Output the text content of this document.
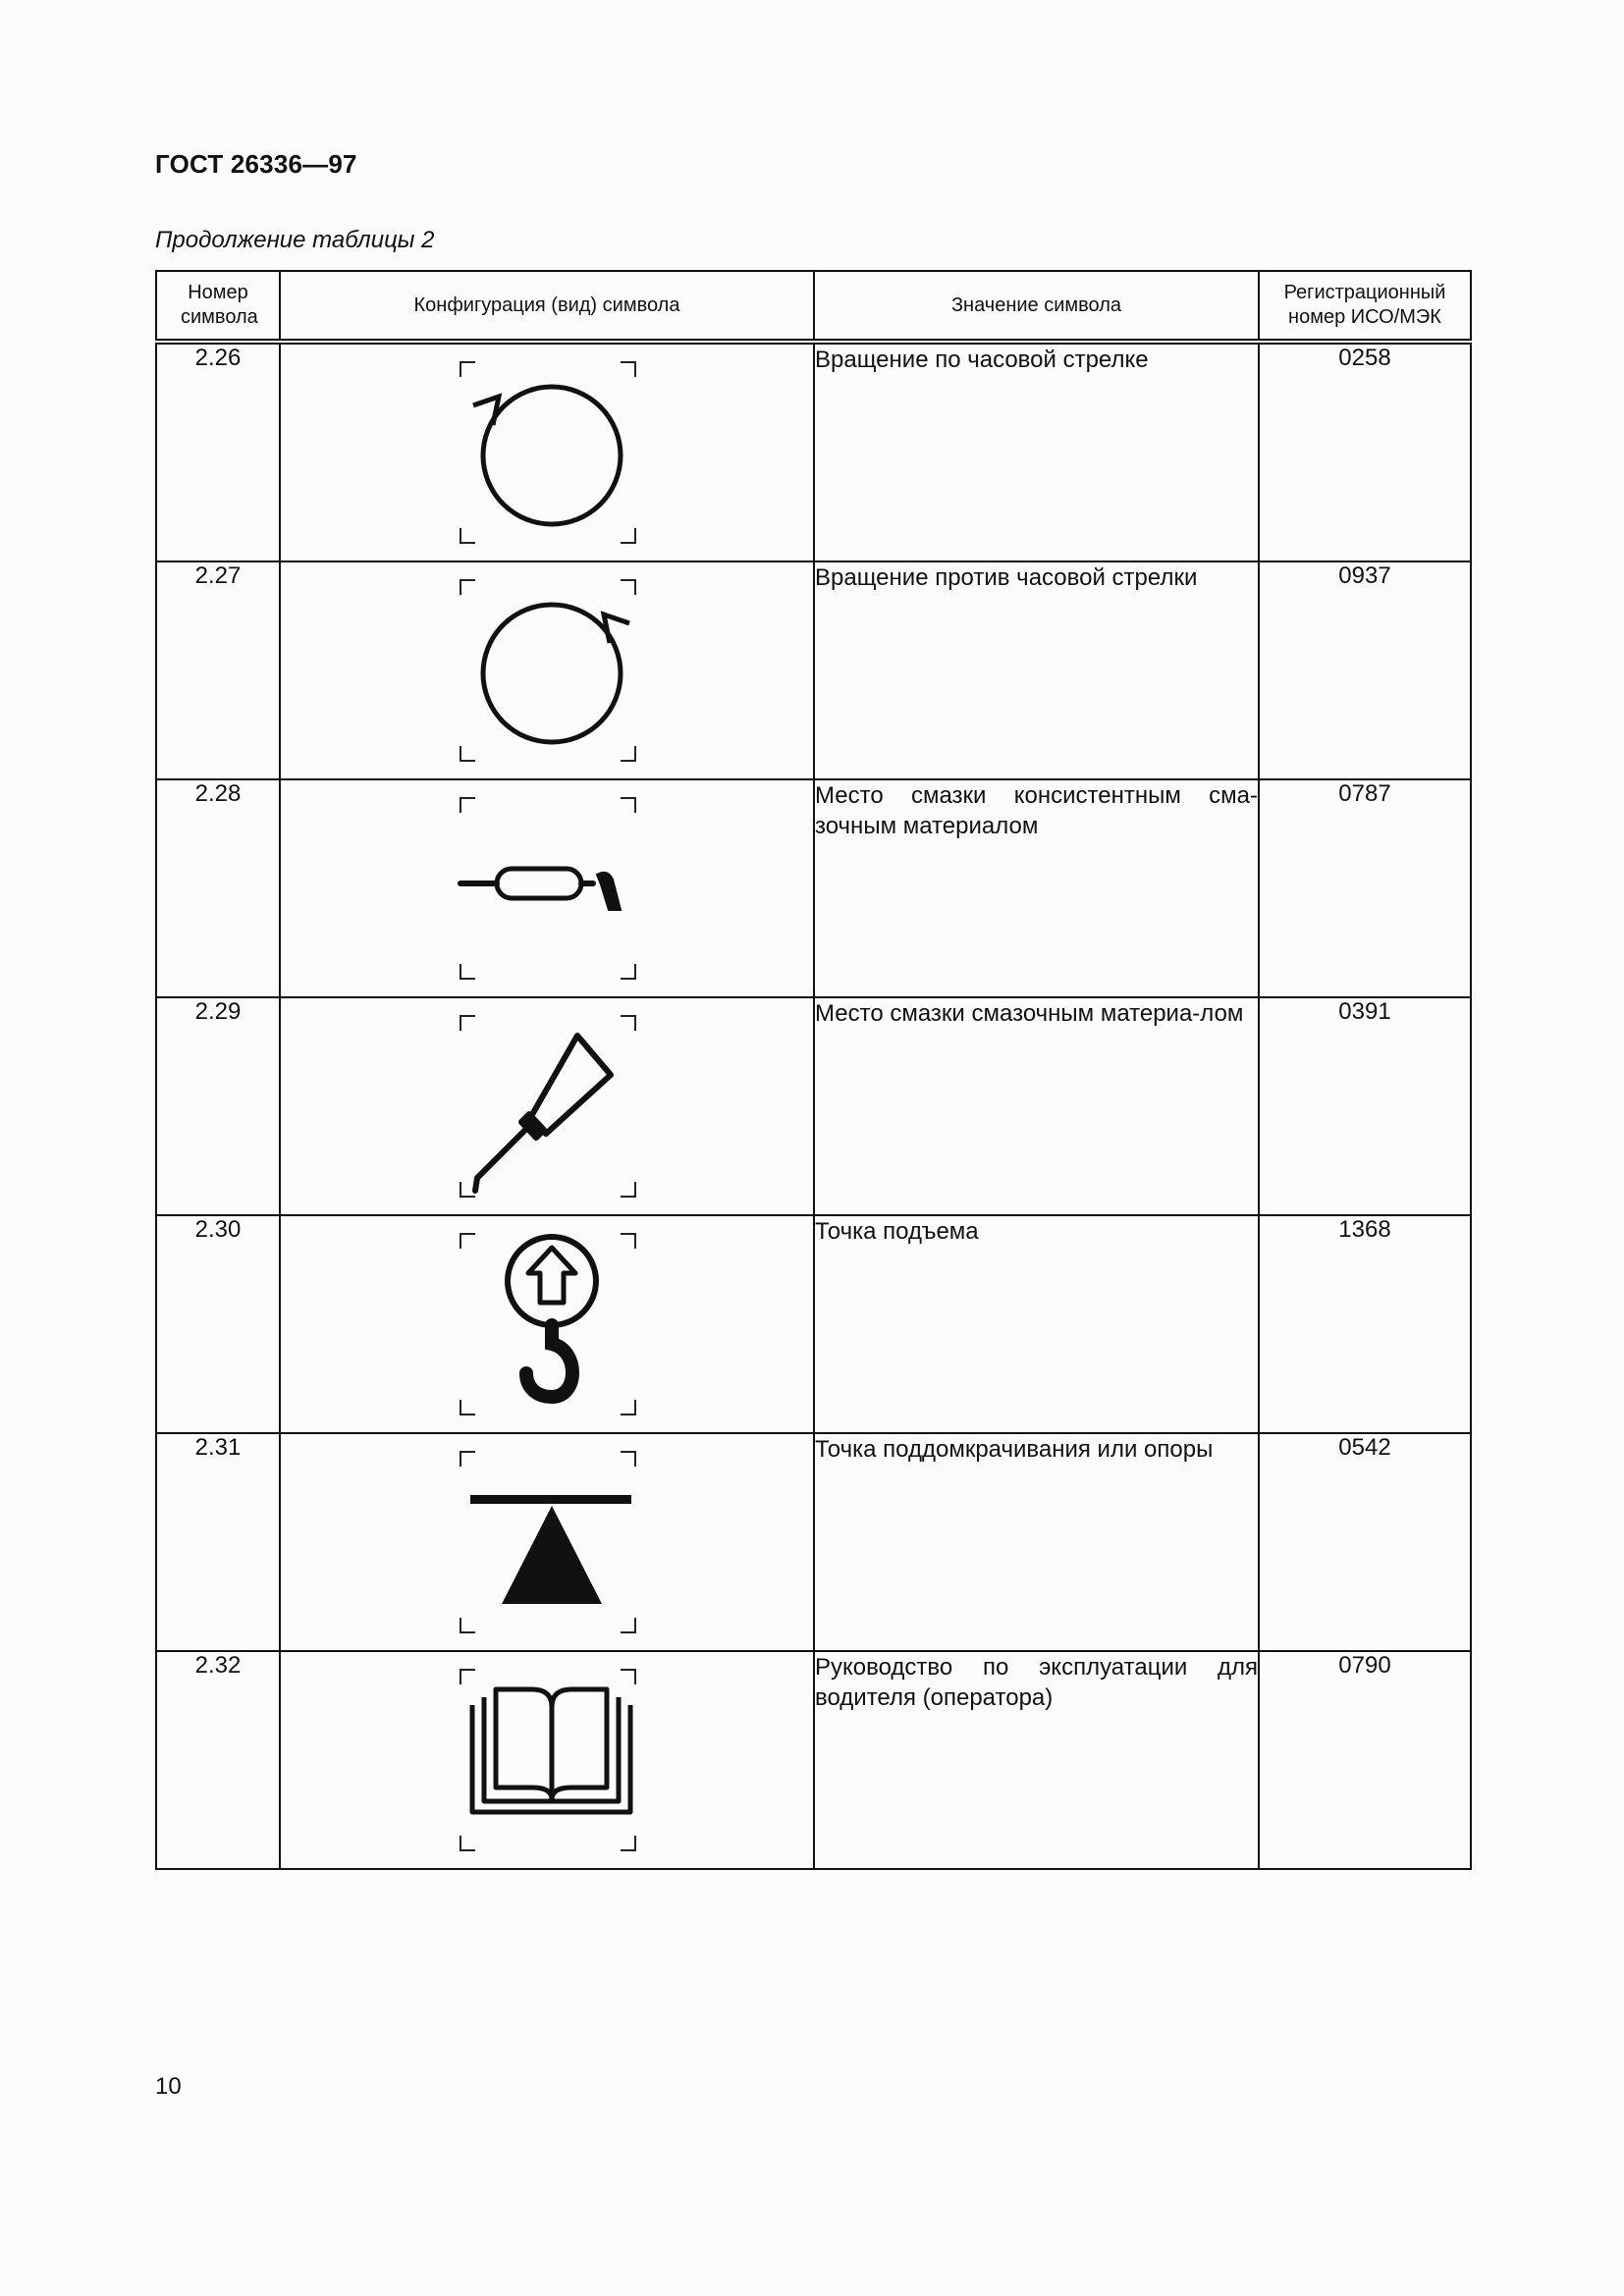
ГОСТ 26336—97
Продолжение таблицы 2
Номер символа	Конфигурация (вид) символа	Значение символа	Регистрационный номер ИСО/МЭК

2.26		Вращение по часовой стрелке	0258
2.27		Вращение против часовой стрелки	0937
2.28		Место смазки консистентным сма-зочным материалом	0787
2.29		Место смазки смазочным материа-лом	0391
2.30		Точка подъема	1368
2.31		Точка поддомкрачивания или опоры	0542
2.32		Руководство по эксплуатации для водителя (оператора)	0790
10
